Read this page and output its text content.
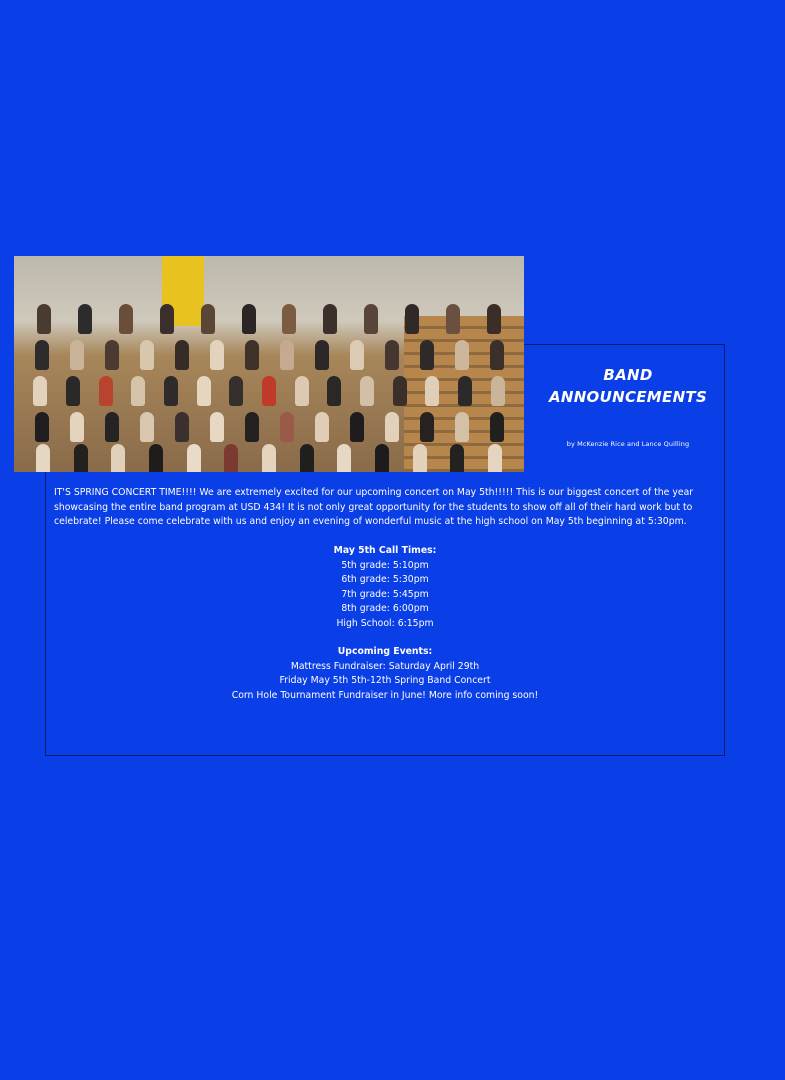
BAND
ANNOUNCEMENTS
by McKenzie Rice and Lance Quilling

IT'S SPRING CONCERT TIME!!!! We are extremely excited for our upcoming concert on May 5th!!!!! This is our biggest concert of the year showcasing the entire band program at USD 434! It is not only great opportunity for the students to show off all of their hard work but to celebrate! Please come celebrate with us and enjoy an evening of wonderful music at the high school on May 5th beginning at 5:30pm.

May 5th Call Times:
5th grade: 5:10pm
6th grade: 5:30pm
7th grade: 5:45pm
8th grade: 6:00pm
High School: 6:15pm
Upcoming Events:
Mattress Fundraiser: Saturday April 29th
Friday May 5th 5th-12th Spring Band Concert
Corn Hole Tournament Fundraiser in June! More info coming soon!
